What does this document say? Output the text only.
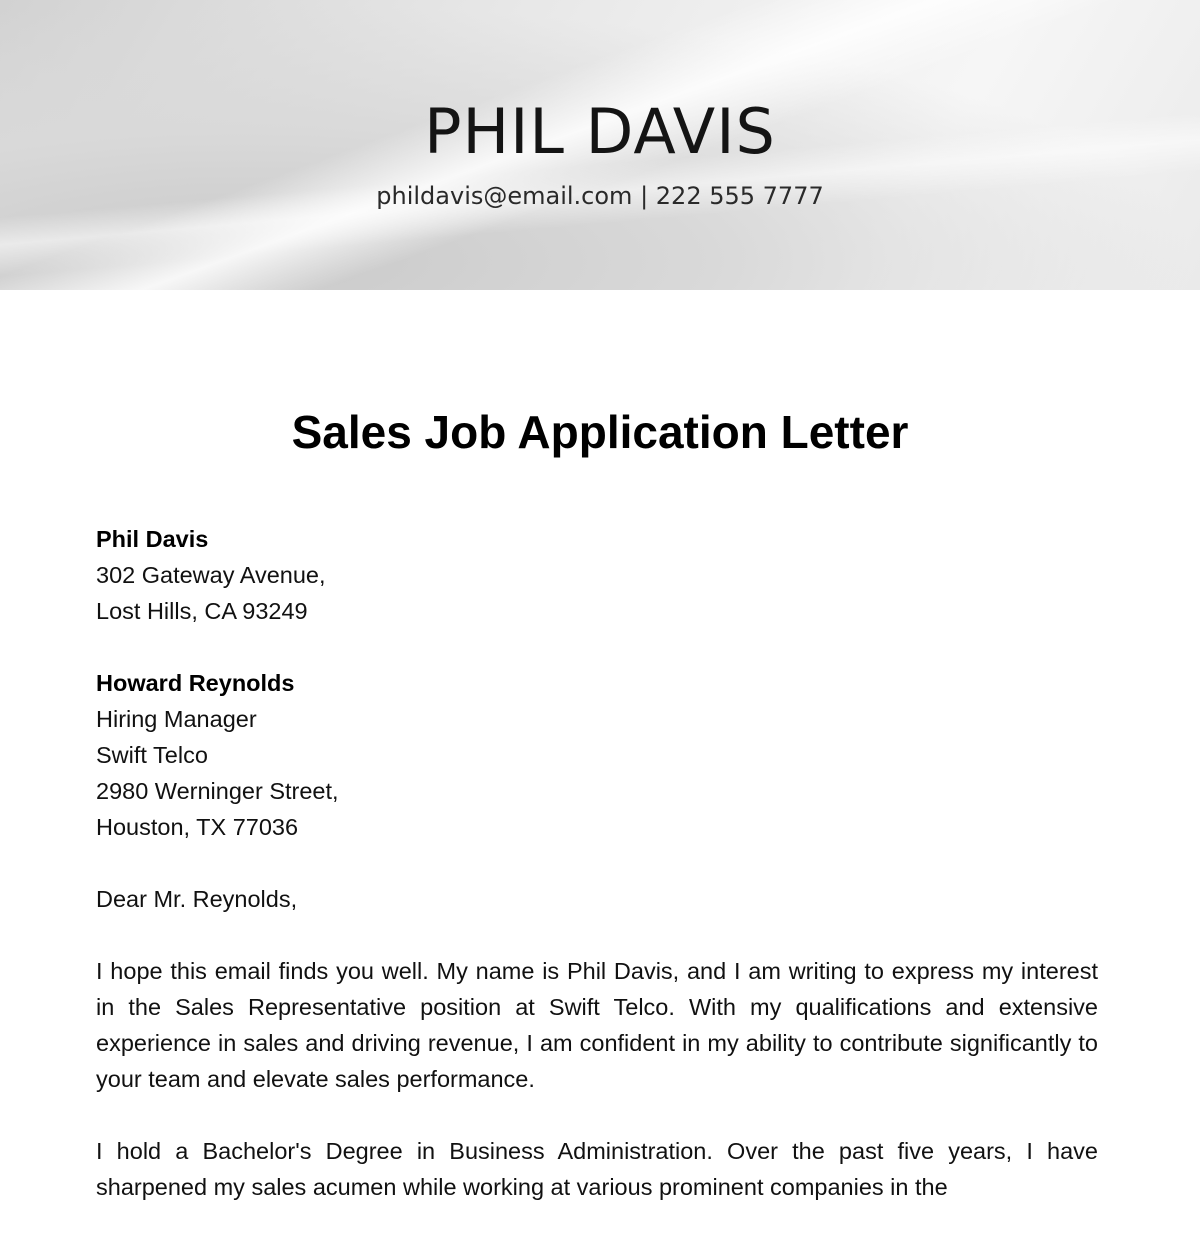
PHIL DAVIS
phildavis@email.com | 222 555 7777
Sales Job Application Letter
Phil Davis
302 Gateway Avenue,
Lost Hills, CA 93249
Howard Reynolds
Hiring Manager
Swift Telco
2980 Werninger Street,
Houston, TX 77036
Dear Mr. Reynolds,

I hope this email finds you well. My name is Phil Davis, and I am writing to express my interest in the Sales Representative position at Swift Telco. With my qualifications and extensive experience in sales and driving revenue, I am confident in my ability to contribute significantly to your team and elevate sales performance.

I hold a Bachelor's Degree in Business Administration. Over the past five years, I have sharpened my sales acumen while working at various prominent companies in the
